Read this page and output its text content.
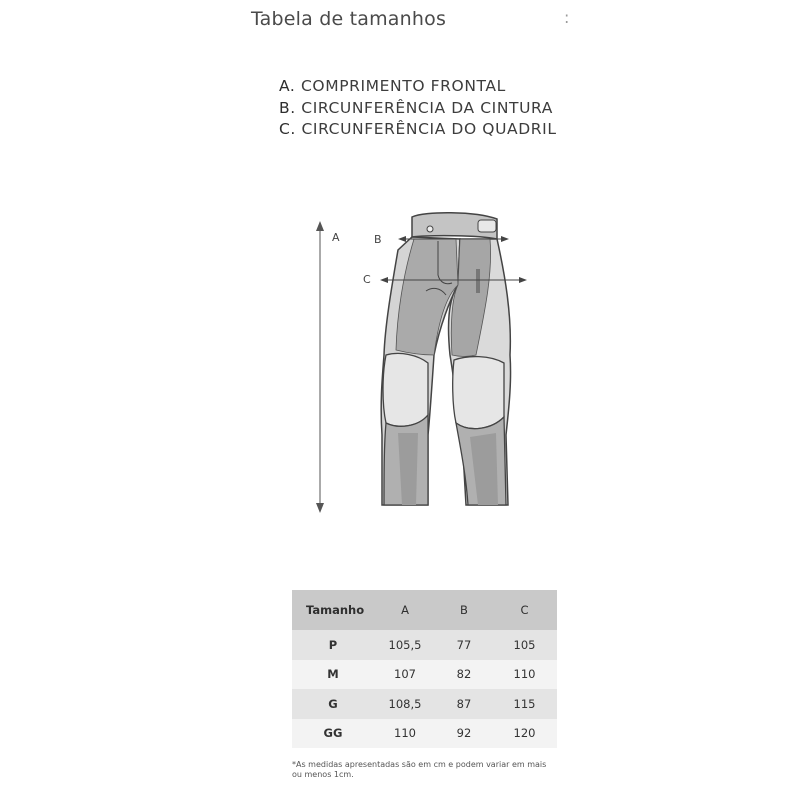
Tabela de tamanhos	:
A. COMPRIMENTO FRONTAL
B. CIRCUNFERÊNCIA DA CINTURA
C. CIRCUNFERÊNCIA DO QUADRIL
A	B
C
Tamanho	A	B	C
P	105,5	77	105
M	107	82	110
G	108,5	87	115
GG	110	92	120
*As medidas apresentadas são em cm e podem variar em mais ou menos 1cm.
